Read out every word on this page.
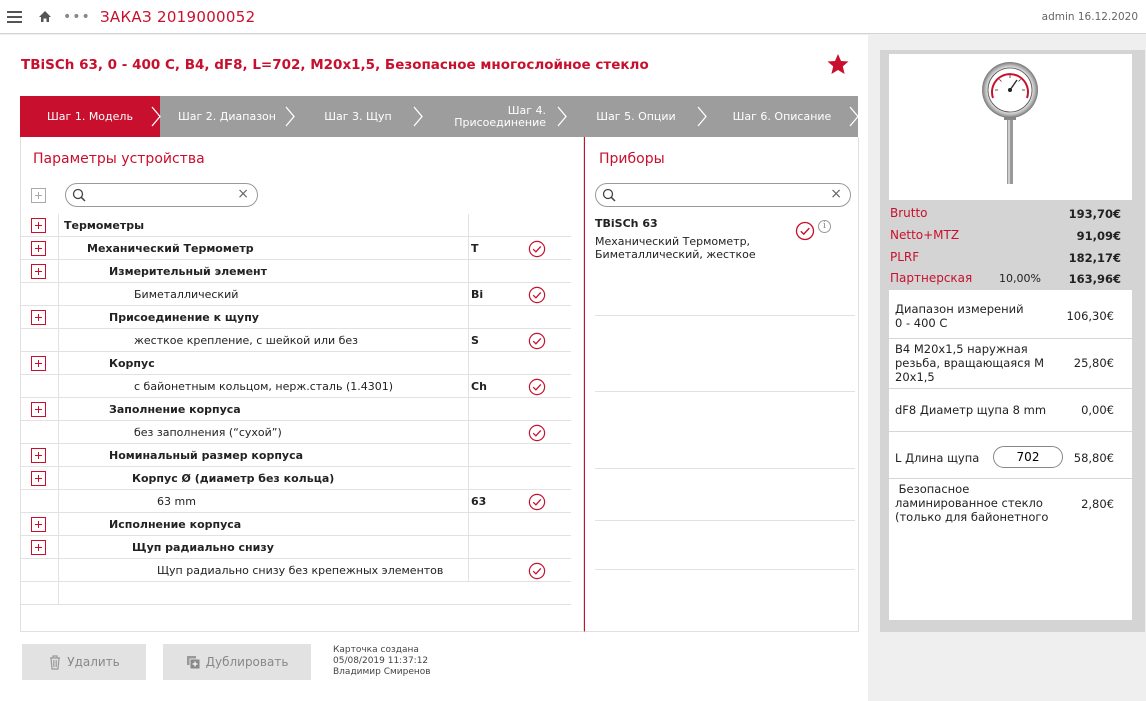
••• ЗАКАЗ 2019000052	admin 16.12.2020
TBiSCh 63, 0 - 400 C, B4, dF8, L=702, M20x1,5, Безопасное многослойное стекло
Шаг 1. Модель	Шаг 2. Диапазон	Шаг 3. Щуп	Шаг 4.
Присоединение	Шаг 5. Опции	Шаг 6. Описание
Параметры устройства
×
Термометры
Механический Термометр	T
Измерительный элемент
Биметаллический	Bi
Присоединение к щупу
жесткое крепление, с шейкой или без	S
Корпус
с байонетным кольцом, нерж.сталь (1.4301)	Ch
Заполнение корпуса
без заполнения (“сухой”)
Номинальный размер корпуса
Корпус Ø (диаметр без кольца)
63 mm	63
Исполнение корпуса
Щуп радиально снизу
Щуп радиально снизу без крепежных элементов
Приборы
×
TBiSCh 63
Механический Термометр, Биметаллический, жесткое
i
Удалить	Дублировать
Карточка создана
05/08/2019 11:37:12
Владимир Смиренов
Brutto	193,70€
Netto+MTZ	91,09€
PLRF	182,17€
Партнерская 10,00% 163,96€
Диапазон измерений
0 - 400 С	106,30€
B4 M20x1,5 наружная
резьба, вращающаяся М
20x1,5
25,80€
dF8 Диаметр щупа 8 mm	0,00€
L Длина щупа
702	58,80€
Безопасное
ламинированное стекло
(только для байонетного
2,80€
